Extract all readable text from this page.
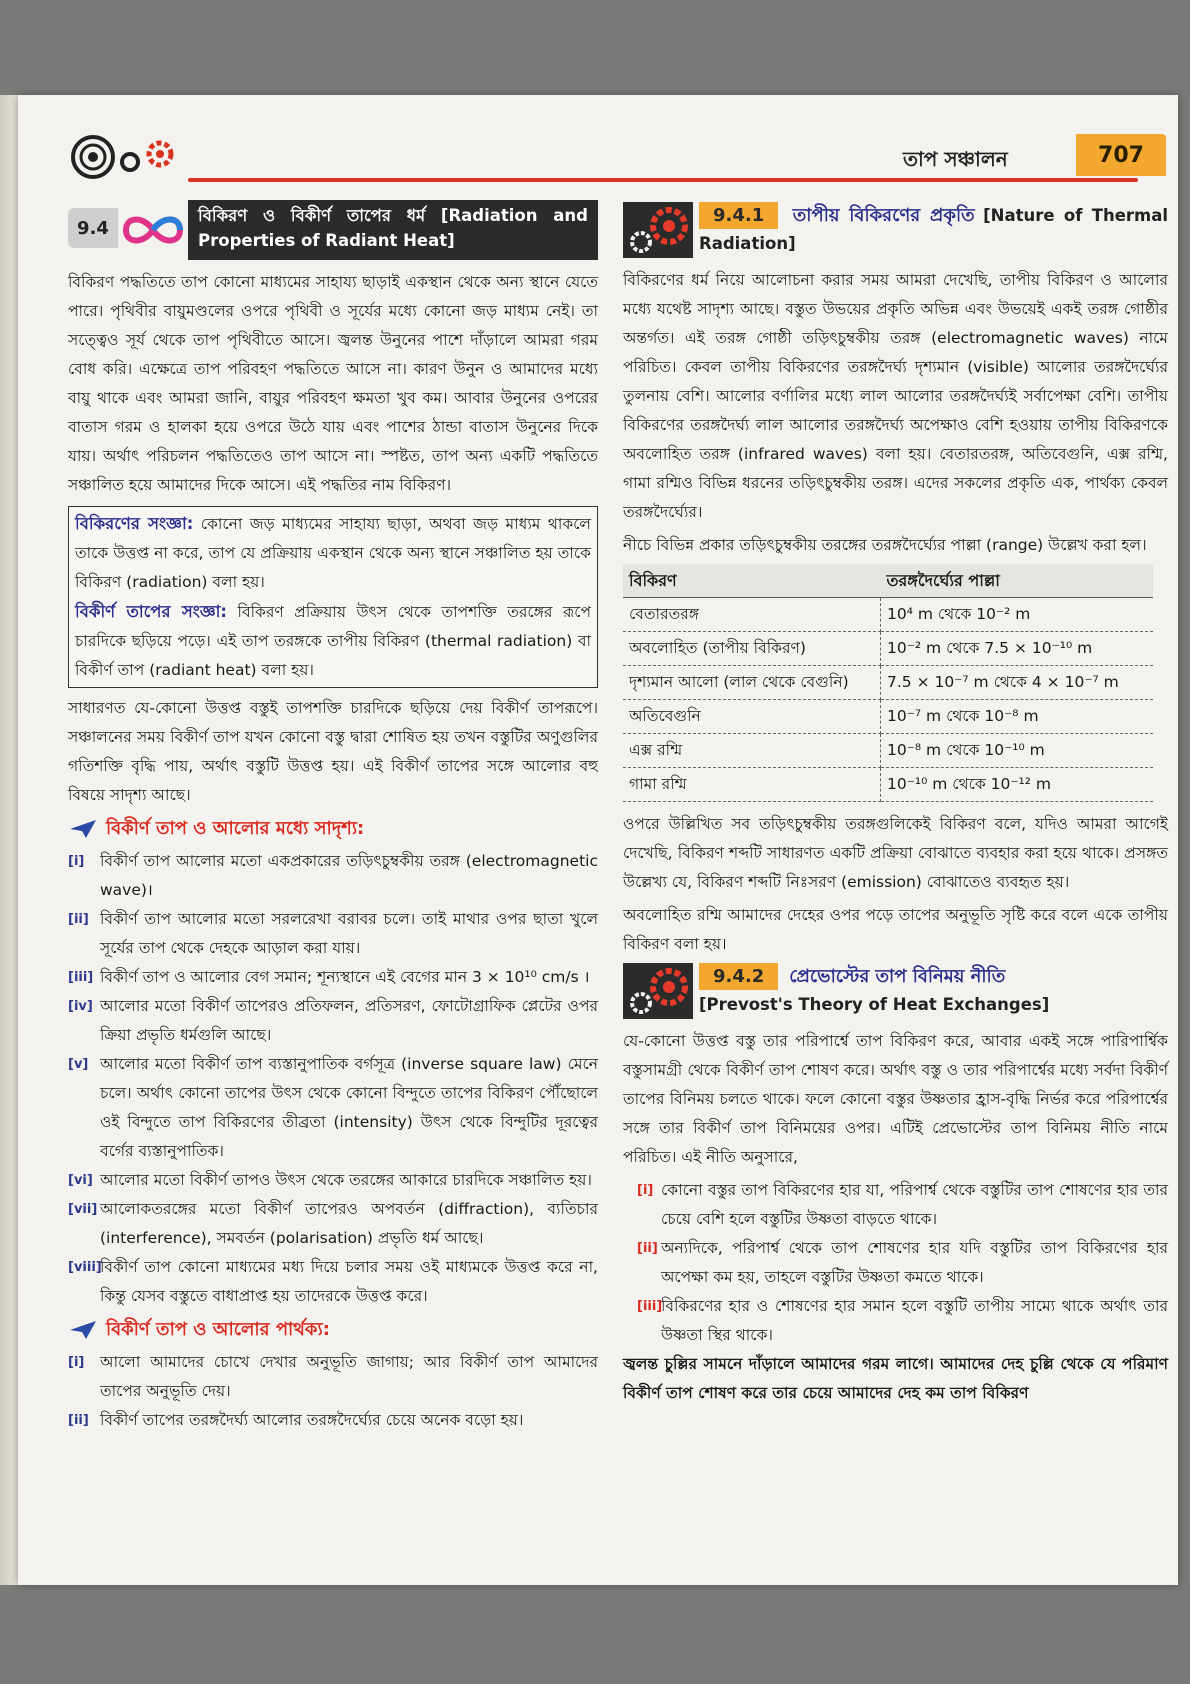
তাপ সঞ্চালন	707
9.4
বিকিরণ ও বিকীর্ণ তাপের ধর্ম [Radiation and Properties of Radiant Heat]

বিকিরণ পদ্ধতিতে তাপ কোনো মাধ্যমের সাহায্য ছাড়াই একস্থান থেকে অন্য স্থানে যেতে পারে। পৃথিবীর বায়ুমণ্ডলের ওপরে পৃথিবী ও সূর্যের মধ্যে কোনো জড় মাধ্যম নেই। তা সত্ত্বেও সূর্য থেকে তাপ পৃথিবীতে আসে। জ্বলন্ত উনুনের পাশে দাঁড়ালে আমরা গরম বোধ করি। এক্ষেত্রে তাপ পরিবহণ পদ্ধতিতে আসে না। কারণ উনুন ও আমাদের মধ্যে বায়ু থাকে এবং আমরা জানি, বায়ুর পরিবহণ ক্ষমতা খুব কম। আবার উনুনের ওপরের বাতাস গরম ও হালকা হয়ে ওপরে উঠে যায় এবং পাশের ঠান্ডা বাতাস উনুনের দিকে যায়। অর্থাৎ পরিচলন পদ্ধতিতেও তাপ আসে না। স্পষ্টত, তাপ অন্য একটি পদ্ধতিতে সঞ্চালিত হয়ে আমাদের দিকে আসে। এই পদ্ধতির নাম বিকিরণ।

বিকিরণের সংজ্ঞা: কোনো জড় মাধ্যমের সাহায্য ছাড়া, অথবা জড় মাধ্যম থাকলে তাকে উত্তপ্ত না করে, তাপ যে প্রক্রিয়ায় একস্থান থেকে অন্য স্থানে সঞ্চালিত হয় তাকে বিকিরণ (radiation) বলা হয়।

বিকীর্ণ তাপের সংজ্ঞা: বিকিরণ প্রক্রিয়ায় উৎস থেকে তাপশক্তি তরঙ্গের রূপে চারদিকে ছড়িয়ে পড়ে। এই তাপ তরঙ্গকে তাপীয় বিকিরণ (thermal radiation) বা বিকীর্ণ তাপ (radiant heat) বলা হয়।

সাধারণত যে-কোনো উত্তপ্ত বস্তুই তাপশক্তি চারদিকে ছড়িয়ে দেয় বিকীর্ণ তাপরূপে। সঞ্চালনের সময় বিকীর্ণ তাপ যখন কোনো বস্তু দ্বারা শোষিত হয় তখন বস্তুটির অণুগুলির গতিশক্তি বৃদ্ধি পায়, অর্থাৎ বস্তুটি উত্তপ্ত হয়। এই বিকীর্ণ তাপের সঙ্গে আলোর বহু বিষয়ে সাদৃশ্য আছে।

বিকীর্ণ তাপ ও আলোর মধ্যে সাদৃশ্য:
[i] বিকীর্ণ তাপ আলোর মতো একপ্রকারের তড়িৎচুম্বকীয় তরঙ্গ (electromagnetic wave)।
[ii] বিকীর্ণ তাপ আলোর মতো সরলরেখা বরাবর চলে। তাই মাথার ওপর ছাতা খুলে সূর্যের তাপ থেকে দেহকে আড়াল করা যায়।
[iii] বিকীর্ণ তাপ ও আলোর বেগ সমান; শূন্যস্থানে এই বেগের মান 3 × 10¹⁰ cm/s ।
[iv] আলোর মতো বিকীর্ণ তাপেরও প্রতিফলন, প্রতিসরণ, ফোটোগ্রাফিক প্লেটের ওপর ক্রিয়া প্রভৃতি ধর্মগুলি আছে।
[v] আলোর মতো বিকীর্ণ তাপ ব্যস্তানুপাতিক বর্গসূত্র (inverse square law) মেনে চলে। অর্থাৎ কোনো তাপের উৎস থেকে কোনো বিন্দুতে তাপের বিকিরণ পৌঁছোলে ওই বিন্দুতে তাপ বিকিরণের তীব্রতা (intensity) উৎস থেকে বিন্দুটির দূরত্বের বর্গের ব্যস্তানুপাতিক।
[vi] আলোর মতো বিকীর্ণ তাপও উৎস থেকে তরঙ্গের আকারে চারদিকে সঞ্চালিত হয়।
[vii] আলোকতরঙ্গের মতো বিকীর্ণ তাপেরও অপবর্তন (diffraction), ব্যতিচার (interference), সমবর্তন (polarisation) প্রভৃতি ধর্ম আছে।
[viii]
বিকীর্ণ তাপ কোনো মাধ্যমের মধ্য দিয়ে চলার সময় ওই মাধ্যমকে উত্তপ্ত করে না, কিন্তু যেসব বস্তুতে বাধাপ্রাপ্ত হয় তাদেরকে উত্তপ্ত করে।
বিকীর্ণ তাপ ও আলোর পার্থক্য:
[i] আলো আমাদের চোখে দেখার অনুভূতি জাগায়; আর বিকীর্ণ তাপ আমাদের তাপের অনুভূতি দেয়।
[ii] বিকীর্ণ তাপের তরঙ্গদৈর্ঘ্য আলোর তরঙ্গদৈর্ঘ্যের চেয়ে অনেক বড়ো হয়।
9.4.1 তাপীয় বিকিরণের প্রকৃতি [Nature of Thermal Radiation]

বিকিরণের ধর্ম নিয়ে আলোচনা করার সময় আমরা দেখেছি, তাপীয় বিকিরণ ও আলোর মধ্যে যথেষ্ট সাদৃশ্য আছে। বস্তুত উভয়ের প্রকৃতি অভিন্ন এবং উভয়েই একই তরঙ্গ গোষ্ঠীর অন্তর্গত। এই তরঙ্গ গোষ্ঠী তড়িৎচুম্বকীয় তরঙ্গ (electromagnetic waves) নামে পরিচিত। কেবল তাপীয় বিকিরণের তরঙ্গদৈর্ঘ্য দৃশ্যমান (visible) আলোর তরঙ্গদৈর্ঘ্যের তুলনায় বেশি। আলোর বর্ণালির মধ্যে লাল আলোর তরঙ্গদৈর্ঘ্যই সর্বাপেক্ষা বেশি। তাপীয় বিকিরণের তরঙ্গদৈর্ঘ্য লাল আলোর তরঙ্গদৈর্ঘ্য অপেক্ষাও বেশি হওয়ায় তাপীয় বিকিরণকে অবলোহিত তরঙ্গ (infrared waves) বলা হয়। বেতারতরঙ্গ, অতিবেগুনি, এক্স রশ্মি, গামা রশ্মিও বিভিন্ন ধরনের তড়িৎচুম্বকীয় তরঙ্গ। এদের সকলের প্রকৃতি এক, পার্থক্য কেবল তরঙ্গদৈর্ঘ্যের।

নীচে বিভিন্ন প্রকার তড়িৎচুম্বকীয় তরঙ্গের তরঙ্গদৈর্ঘ্যের পাল্লা (range) উল্লেখ করা হল।

বিকিরণ	তরঙ্গদৈর্ঘ্যের পাল্লা
বেতারতরঙ্গ	10⁴ m থেকে 10⁻² m
অবলোহিত (তাপীয় বিকিরণ)	10⁻² m থেকে 7.5 × 10⁻¹⁰ m
দৃশ্যমান আলো (লাল থেকে বেগুনি)	7.5 × 10⁻⁷ m থেকে 4 × 10⁻⁷ m
অতিবেগুনি	10⁻⁷ m থেকে 10⁻⁸ m
এক্স রশ্মি	10⁻⁸ m থেকে 10⁻¹⁰ m
গামা রশ্মি	10⁻¹⁰ m থেকে 10⁻¹² m

ওপরে উল্লিখিত সব তড়িৎচুম্বকীয় তরঙ্গগুলিকেই বিকিরণ বলে, যদিও আমরা আগেই দেখেছি, বিকিরণ শব্দটি সাধারণত একটি প্রক্রিয়া বোঝাতে ব্যবহার করা হয়ে থাকে। প্রসঙ্গত উল্লেখ্য যে, বিকিরণ শব্দটি নিঃসরণ (emission) বোঝাতেও ব্যবহৃত হয়।

অবলোহিত রশ্মি আমাদের দেহের ওপর পড়ে তাপের অনুভূতি সৃষ্টি করে বলে একে তাপীয় বিকিরণ বলা হয়।

9.4.2 প্রেভোস্টের তাপ বিনিময় নীতি
[Prevost's Theory of Heat Exchanges]

যে-কোনো উত্তপ্ত বস্তু তার পরিপার্শ্বে তাপ বিকিরণ করে, আবার একই সঙ্গে পারিপার্শ্বিক বস্তুসামগ্রী থেকে বিকীর্ণ তাপ শোষণ করে। অর্থাৎ বস্তু ও তার পরিপার্শ্বের মধ্যে সর্বদা বিকীর্ণ তাপের বিনিময় চলতে থাকে। ফলে কোনো বস্তুর উষ্ণতার হ্রাস-বৃদ্ধি নির্ভর করে পরিপার্শ্বের সঙ্গে তার বিকীর্ণ তাপ বিনিময়ের ওপর। এটিই প্রেভোস্টের তাপ বিনিময় নীতি নামে পরিচিত। এই নীতি অনুসারে,

[i] কোনো বস্তুর তাপ বিকিরণের হার যা, পরিপার্শ্ব থেকে বস্তুটির তাপ শোষণের হার তার চেয়ে বেশি হলে বস্তুটির উষ্ণতা বাড়তে থাকে।
[ii] অন্যদিকে, পরিপার্শ্ব থেকে তাপ শোষণের হার যদি বস্তুটির তাপ বিকিরণের হার অপেক্ষা কম হয়, তাহলে বস্তুটির উষ্ণতা কমতে থাকে।
[iii]
বিকিরণের হার ও শোষণের হার সমান হলে বস্তুটি তাপীয় সাম্যে থাকে অর্থাৎ তার উষ্ণতা স্থির থাকে।

জ্বলন্ত চুল্লির সামনে দাঁড়ালে আমাদের গরম লাগে। আমাদের দেহ চুল্লি থেকে যে পরিমাণ বিকীর্ণ তাপ শোষণ করে তার চেয়ে আমাদের দেহ কম তাপ বিকিরণ
